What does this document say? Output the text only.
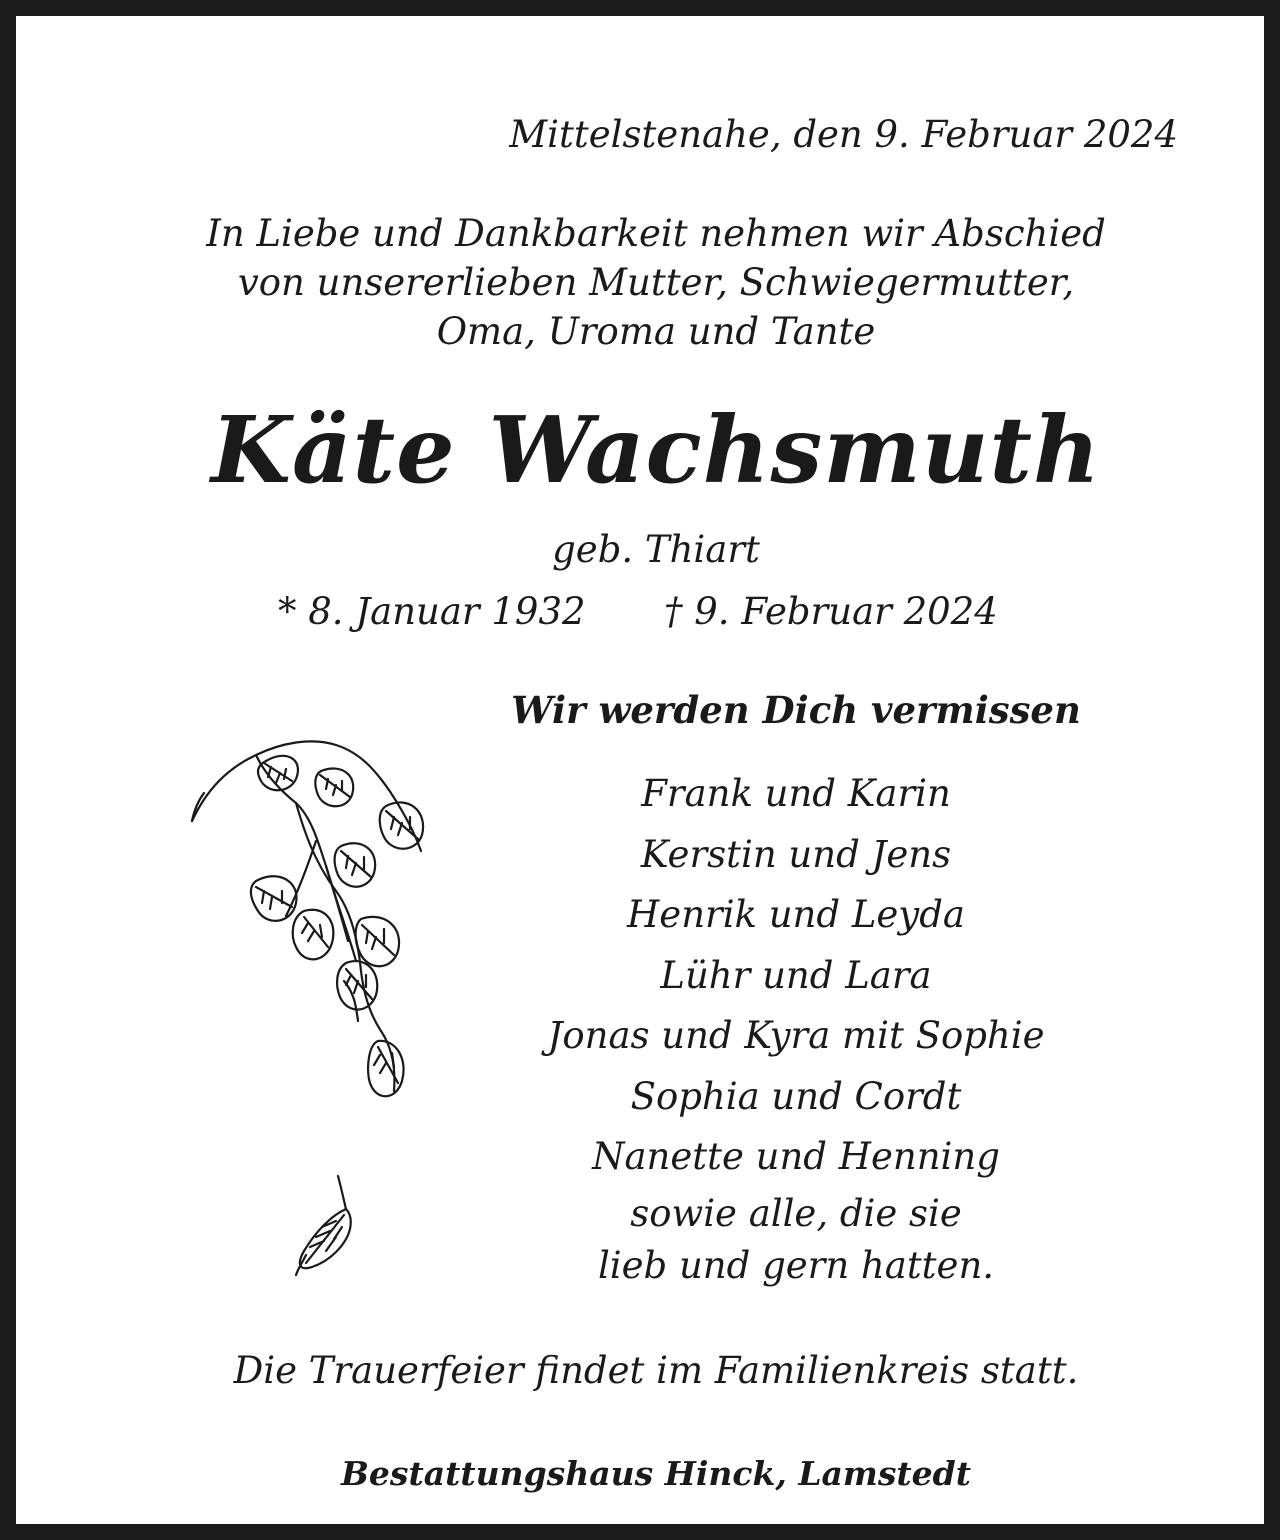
Mittelstenahe, den 9. Februar 2024
In Liebe und Dankbarkeit nehmen wir Abschied
von unsererlieben Mutter, Schwiegermutter,
Oma, Uroma und Tante
Käte Wachsmuth
geb. Thiart
* 8. Januar 1932 † 9. Februar 2024
Wir werden Dich vermissen
Frank und Karin
Kerstin und Jens
Henrik und Leyda
Lühr und Lara
Jonas und Kyra mit Sophie
Sophia und Cordt
Nanette und Henning
sowie alle, die sie
lieb und gern hatten.
Die Trauerfeier findet im Familienkreis statt.
Bestattungshaus Hinck, Lamstedt
